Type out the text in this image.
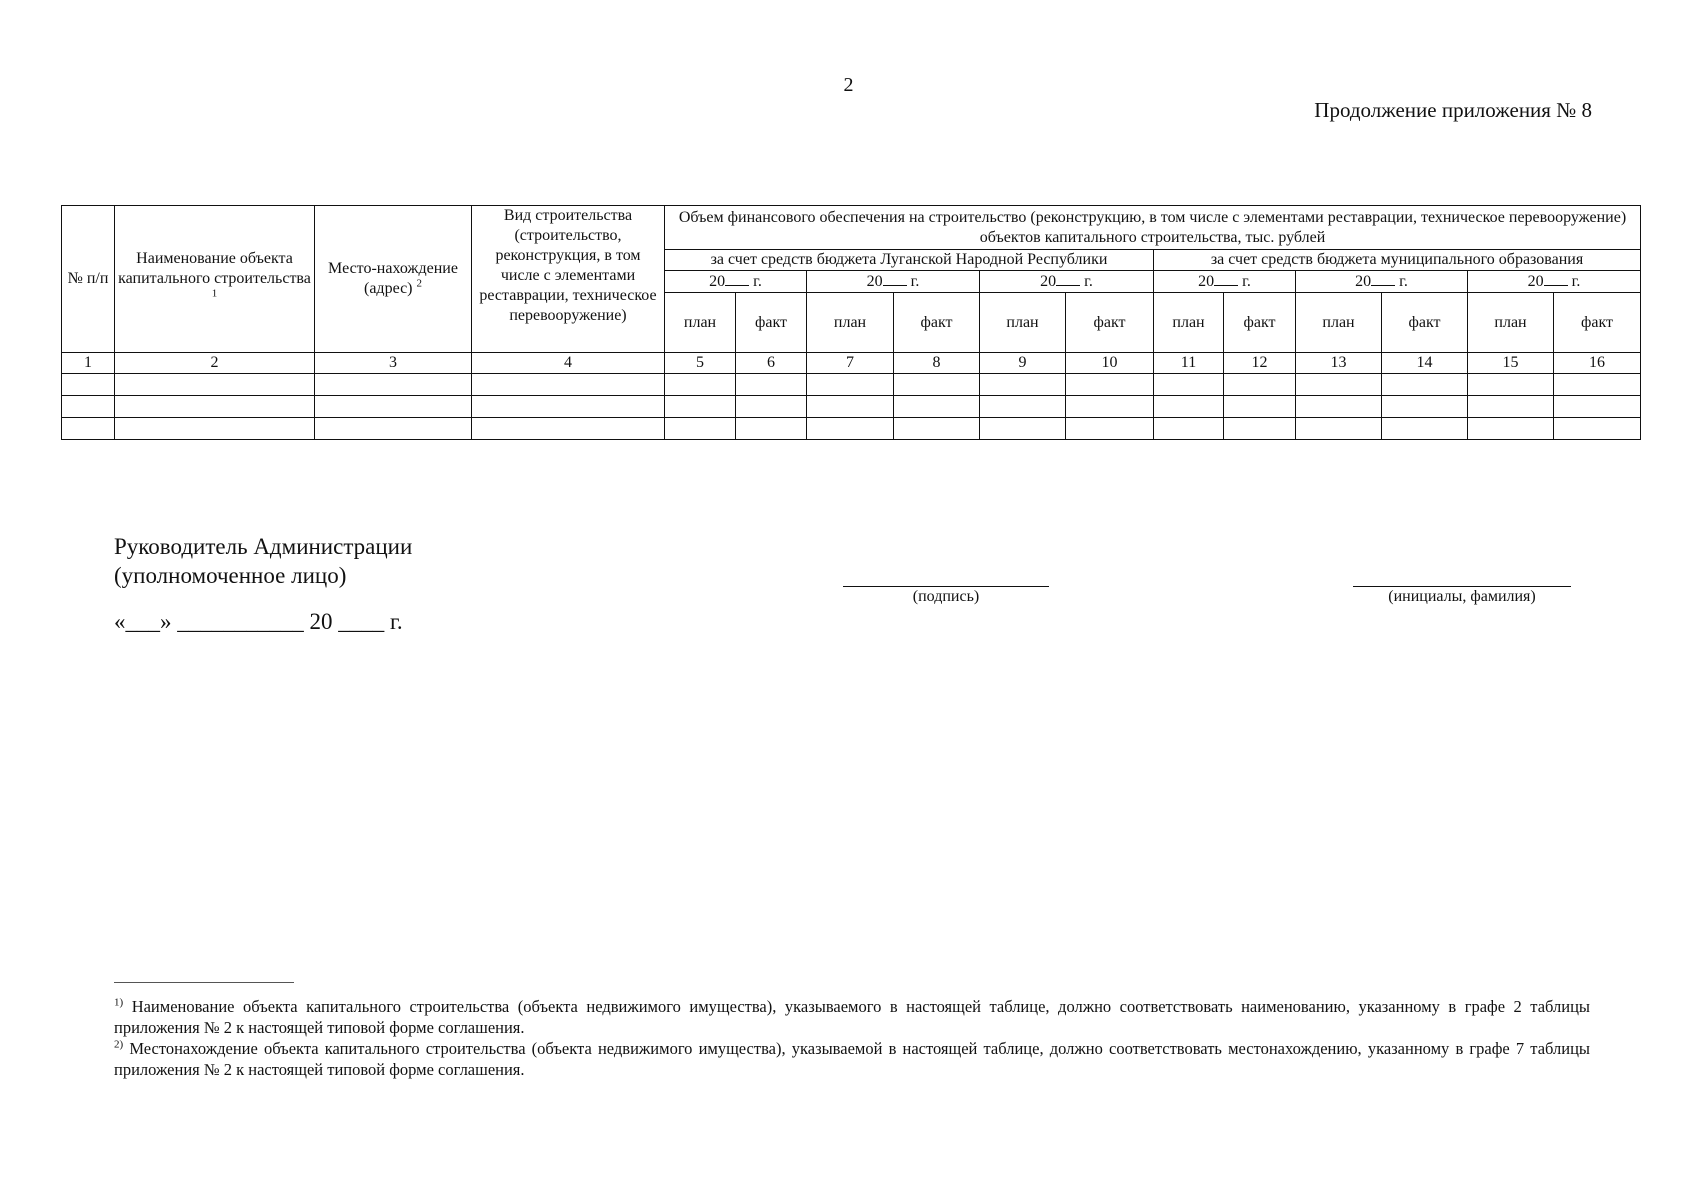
2
Продолжение приложения № 8
№ п/п	Наименование объекта капитального строительства $^1$	Место-нахождение (адрес) $^2$	Вид строительства (строительство, реконструкция, в том числе с элементами реставрации, техническое перевооружение)	Объем финансового обеспечения на строительство (реконструкцию, в том числе с элементами реставрации, техническое перевооружение) объектов капитального строительства, тыс. рублей											
				за счет средств бюджета Луганской Народной Республики						за счет средств бюджета муниципального образования					
				20 г.		20 г.		20 г.		20 г.		20 г.		20 г.	
				план	факт	план	факт	план	факт	план	факт	план	факт	план	факт
1	2	3	4	5	6	7	8	9	10	11	12	13	14	15	16

Руководитель Администрации
(уполномоченное лицо)
«___» ___________ 20 ____ г.
(подпись)	(инициалы, фамилия)

$^{1)}$ Наименование объекта капитального строительства (объекта недвижимого имущества), указываемого в настоящей таблице, должно соответствовать наименованию, указанному в графе 2 таблицы приложения № 2 к настоящей типовой форме соглашения.

$^{2)}$ Местонахождение объекта капитального строительства (объекта недвижимого имущества), указываемой в настоящей таблице, должно соответствовать местонахождению, указанному в графе 7 таблицы приложения № 2 к настоящей типовой форме соглашения.
